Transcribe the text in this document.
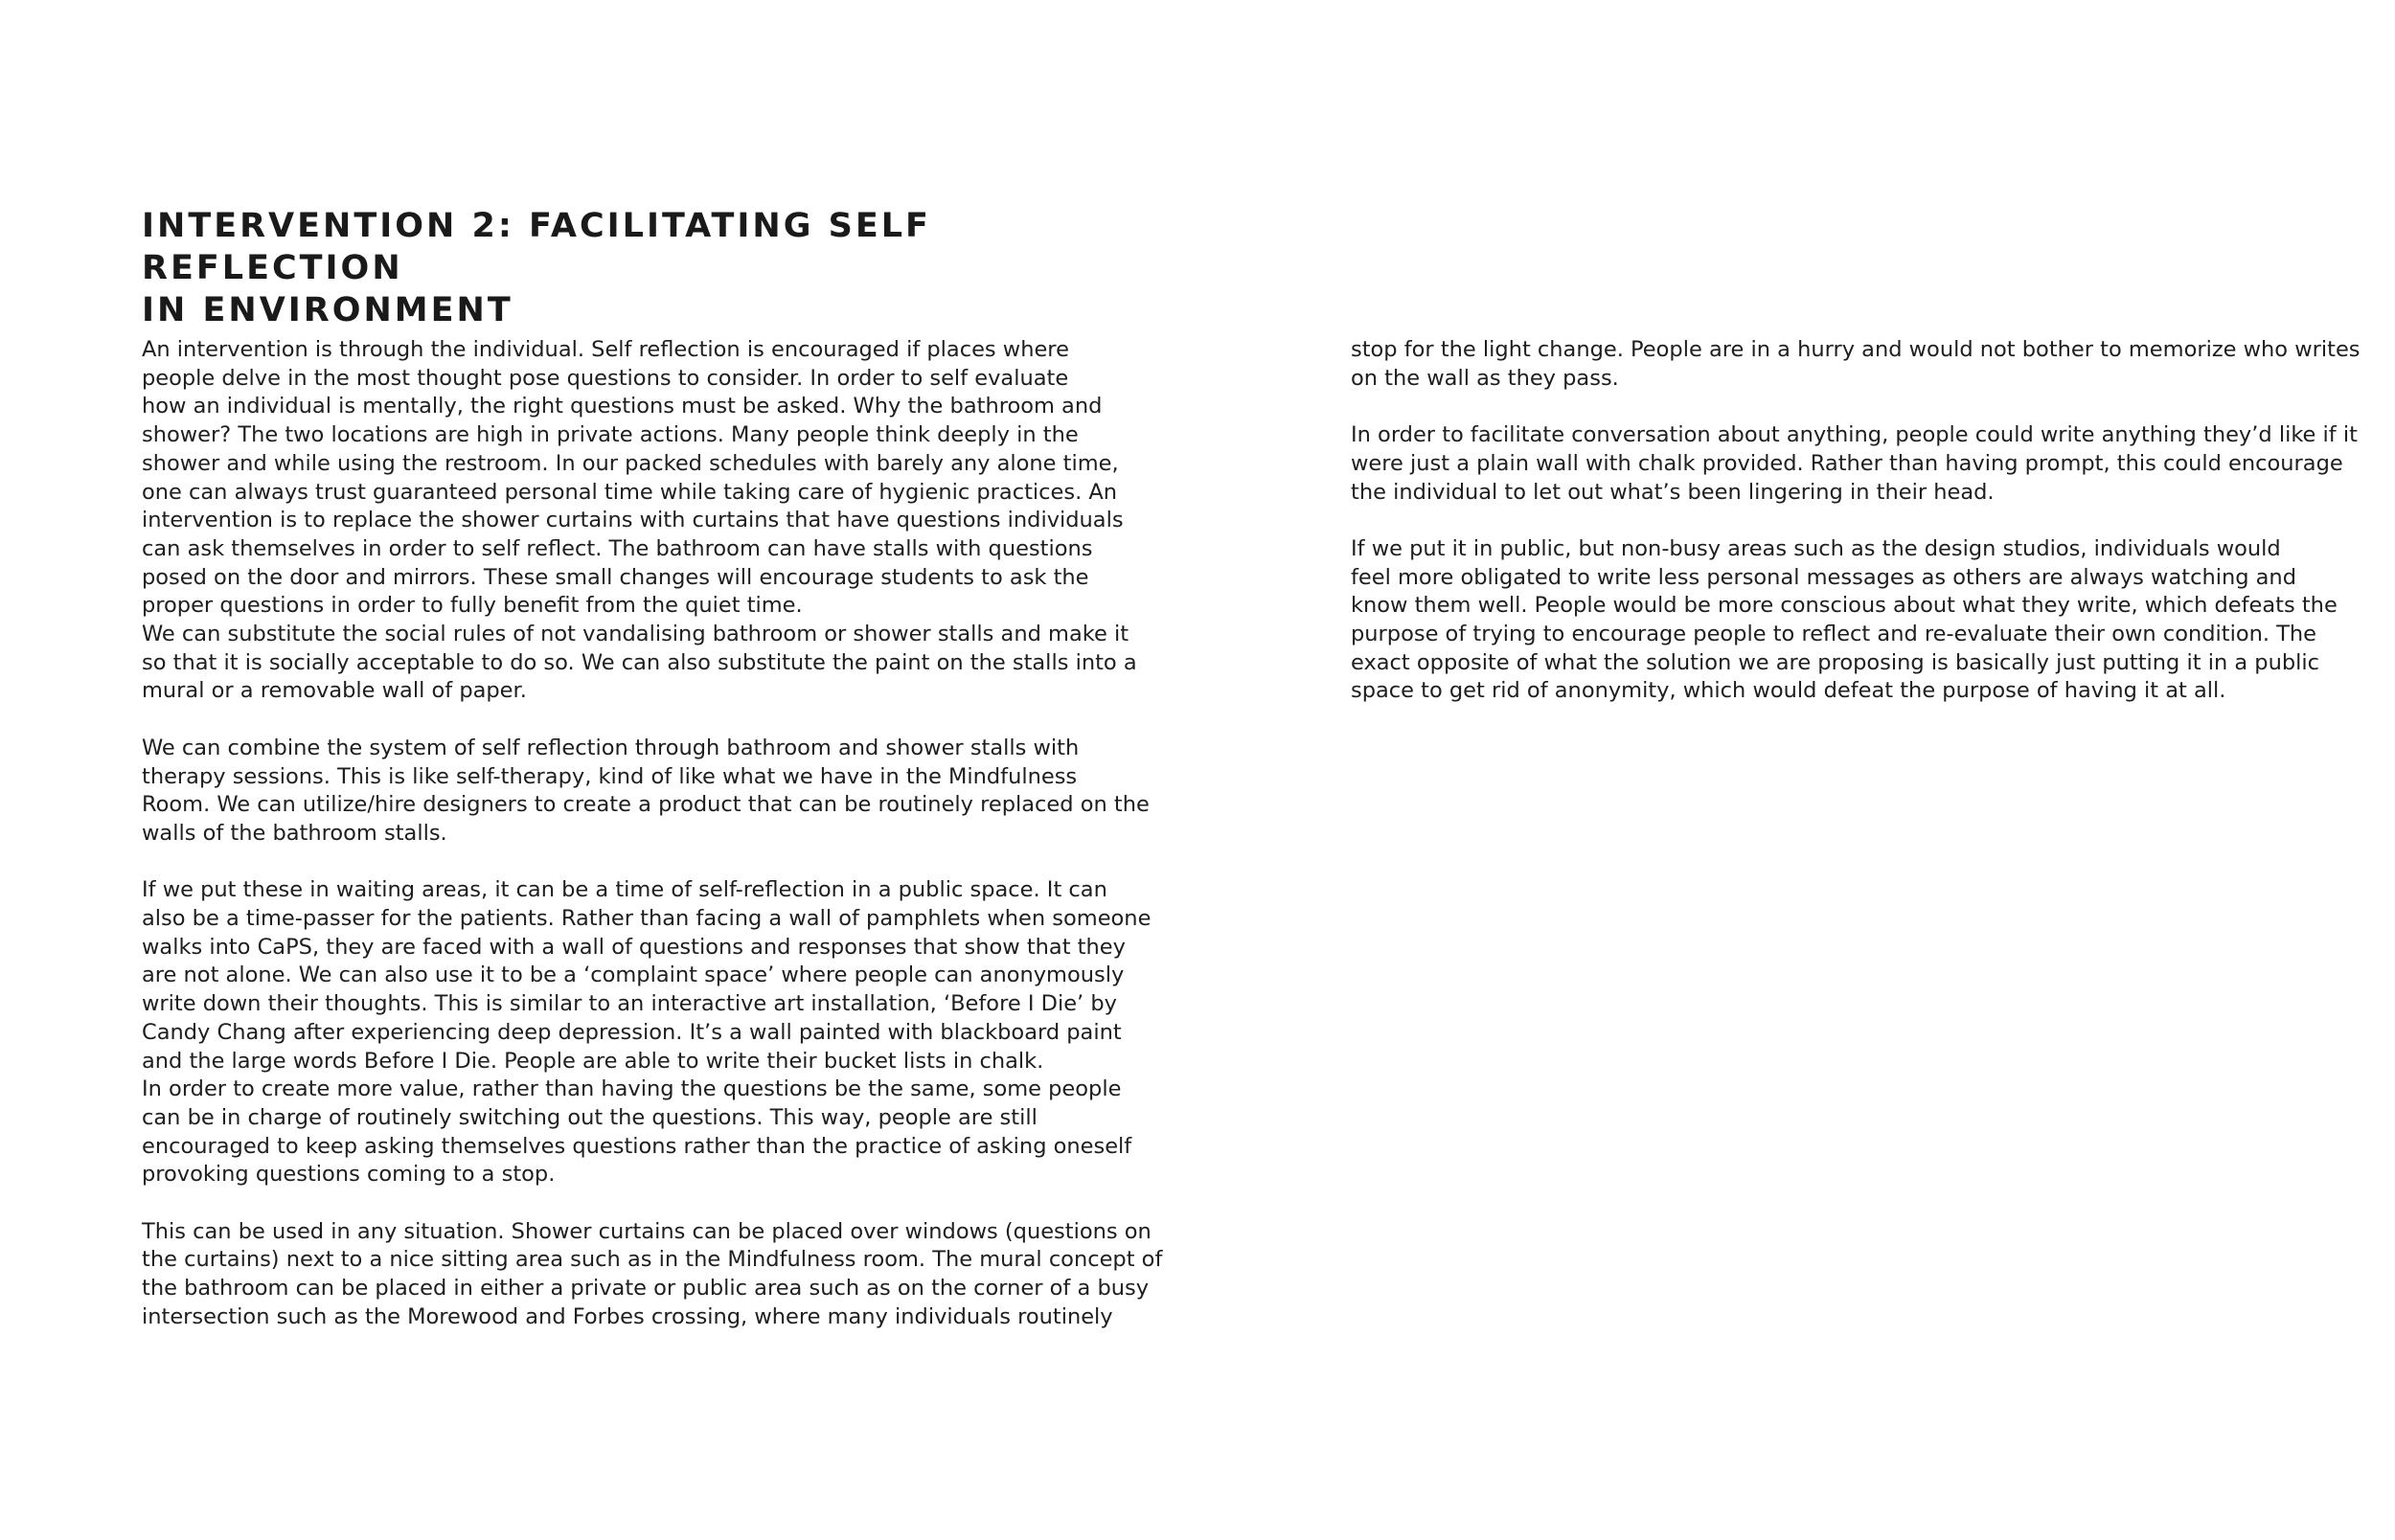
INTERVENTION 2: FACILITATING SELF REFLECTION
IN ENVIRONMENT

An intervention is through the individual. Self reflection is encouraged if places where
people delve in the most thought pose questions to consider. In order to self evaluate
how an individual is mentally, the right questions must be asked. Why the bathroom and
shower? The two locations are high in private actions. Many people think deeply in the
shower and while using the restroom. In our packed schedules with barely any alone time,
one can always trust guaranteed personal time while taking care of hygienic practices. An
intervention is to replace the shower curtains with curtains that have questions individuals
can ask themselves in order to self reflect. The bathroom can have stalls with questions
posed on the door and mirrors. These small changes will encourage students to ask the
proper questions in order to fully benefit from the quiet time.
We can substitute the social rules of not vandalising bathroom or shower stalls and make it
so that it is socially acceptable to do so. We can also substitute the paint on the stalls into a
mural or a removable wall of paper.

We can combine the system of self reflection through bathroom and shower stalls with
therapy sessions. This is like self-therapy, kind of like what we have in the Mindfulness
Room. We can utilize/hire designers to create a product that can be routinely replaced on the
walls of the bathroom stalls.

If we put these in waiting areas, it can be a time of self-reflection in a public space. It can
also be a time-passer for the patients. Rather than facing a wall of pamphlets when someone
walks into CaPS, they are faced with a wall of questions and responses that show that they
are not alone. We can also use it to be a ‘complaint space’ where people can anonymously
write down their thoughts. This is similar to an interactive art installation, ‘Before I Die’ by
Candy Chang after experiencing deep depression. It’s a wall painted with blackboard paint
and the large words Before I Die. People are able to write their bucket lists in chalk.
In order to create more value, rather than having the questions be the same, some people
can be in charge of routinely switching out the questions. This way, people are still
encouraged to keep asking themselves questions rather than the practice of asking oneself
provoking questions coming to a stop.

This can be used in any situation. Shower curtains can be placed over windows (questions on
the curtains) next to a nice sitting area such as in the Mindfulness room. The mural concept of
the bathroom can be placed in either a private or public area such as on the corner of a busy
intersection such as the Morewood and Forbes crossing, where many individuals routinely

stop for the light change. People are in a hurry and would not bother to memorize who writes
on the wall as they pass.

In order to facilitate conversation about anything, people could write anything they’d like if it
were just a plain wall with chalk provided. Rather than having prompt, this could encourage
the individual to let out what’s been lingering in their head.

If we put it in public, but non-busy areas such as the design studios, individuals would
feel more obligated to write less personal messages as others are always watching and
know them well. People would be more conscious about what they write, which defeats the
purpose of trying to encourage people to reflect and re-evaluate their own condition. The
exact opposite of what the solution we are proposing is basically just putting it in a public
space to get rid of anonymity, which would defeat the purpose of having it at all.
